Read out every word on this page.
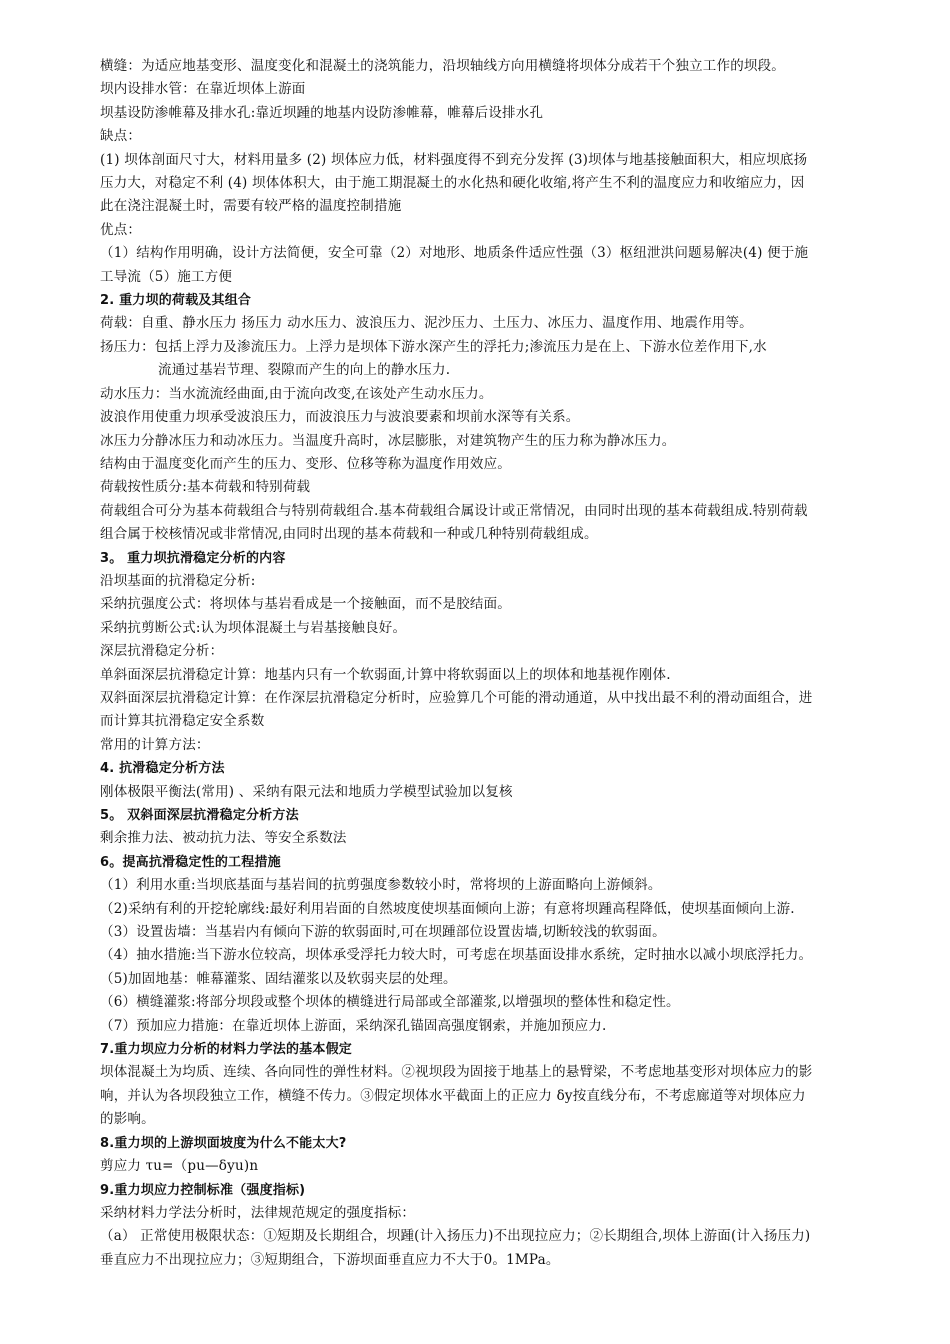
横缝：为适应地基变形、温度变化和混凝土的浇筑能力，沿坝轴线方向用横缝将坝体分成若干个独立工作的坝段。

坝内设排水管：在靠近坝体上游面

坝基设防渗帷幕及排水孔:靠近坝踵的地基内设防渗帷幕，帷幕后设排水孔

缺点：

(1) 坝体剖面尺寸大，材料用量多 (2) 坝体应力低，材料强度得不到充分发挥 (3)坝体与地基接触面积大，相应坝底扬压力大，对稳定不利 (4) 坝体体积大，由于施工期混凝土的水化热和硬化收缩,将产生不利的温度应力和收缩应力，因此在浇注混凝土时，需要有较严格的温度控制措施

优点：

（1）结构作用明确，设计方法简便，安全可靠（2）对地形、地质条件适应性强（3）枢纽泄洪问题易解决(4) 便于施工导流（5）施工方便

2. 重力坝的荷载及其组合

荷载：自重、静水压力 扬压力 动水压力、波浪压力、泥沙压力、土压力、冰压力、温度作用、地震作用等。

扬压力：包括上浮力及渗流压力。上浮力是坝体下游水深产生的浮托力;渗流压力是在上、下游水位差作用下,水

流通过基岩节理、裂隙而产生的向上的静水压力.

动水压力：当水流流经曲面,由于流向改变,在该处产生动水压力。

波浪作用使重力坝承受波浪压力，而波浪压力与波浪要素和坝前水深等有关系。

冰压力分静冰压力和动冰压力。当温度升高时，冰层膨胀，对建筑物产生的压力称为静冰压力。

结构由于温度变化而产生的压力、变形、位移等称为温度作用效应。

荷载按性质分:基本荷载和特别荷载

荷载组合可分为基本荷载组合与特别荷载组合.基本荷载组合属设计或正常情况，由同时出现的基本荷载组成.特别荷载组合属于校核情况或非常情况,由同时出现的基本荷载和一种或几种特别荷载组成。

3。 重力坝抗滑稳定分析的内容

沿坝基面的抗滑稳定分析:

采纳抗强度公式：将坝体与基岩看成是一个接触面，而不是胶结面。

采纳抗剪断公式:认为坝体混凝土与岩基接触良好。

深层抗滑稳定分析：

单斜面深层抗滑稳定计算：地基内只有一个软弱面,计算中将软弱面以上的坝体和地基视作刚体.

双斜面深层抗滑稳定计算：在作深层抗滑稳定分析时，应验算几个可能的滑动通道，从中找出最不利的滑动面组合，进而计算其抗滑稳定安全系数

常用的计算方法：

4. 抗滑稳定分析方法

刚体极限平衡法(常用) 、采纳有限元法和地质力学模型试验加以复核

5。 双斜面深层抗滑稳定分析方法

剩余推力法、被动抗力法、等安全系数法

6。提高抗滑稳定性的工程措施

（1）利用水重:当坝底基面与基岩间的抗剪强度参数较小时，常将坝的上游面略向上游倾斜。

（2)采纳有利的开挖轮廓线:最好利用岩面的自然坡度使坝基面倾向上游；有意将坝踵高程降低，使坝基面倾向上游.

（3）设置齿墙：当基岩内有倾向下游的软弱面时,可在坝踵部位设置齿墙,切断较浅的软弱面。

（4）抽水措施:当下游水位较高，坝体承受浮托力较大时，可考虑在坝基面设排水系统，定时抽水以减小坝底浮托力。

（5)加固地基：帷幕灌浆、固结灌浆以及软弱夹层的处理。

（6）横缝灌浆:将部分坝段或整个坝体的横缝进行局部或全部灌浆,以增强坝的整体性和稳定性。

（7）预加应力措施：在靠近坝体上游面，采纳深孔锚固高强度钢索，并施加预应力.

7.重力坝应力分析的材料力学法的基本假定

坝体混凝土为均质、连续、各向同性的弹性材料。②视坝段为固接于地基上的悬臂梁，不考虑地基变形对坝体应力的影响，并认为各坝段独立工作，横缝不传力。③假定坝体水平截面上的正应力 δy按直线分布，不考虑廊道等对坝体应力的影响。

8.重力坝的上游坝面坡度为什么不能太大?

剪应力 τu=（pu—δyu)n

9.重力坝应力控制标准（强度指标)

采纳材料力学法分析时，法律规范规定的强度指标：

（a） 正常使用极限状态：①短期及长期组合，坝踵(计入扬压力)不出现拉应力；②长期组合,坝体上游面(计入扬压力) 垂直应力不出现拉应力；③短期组合，下游坝面垂直应力不大于0。1MPa。
